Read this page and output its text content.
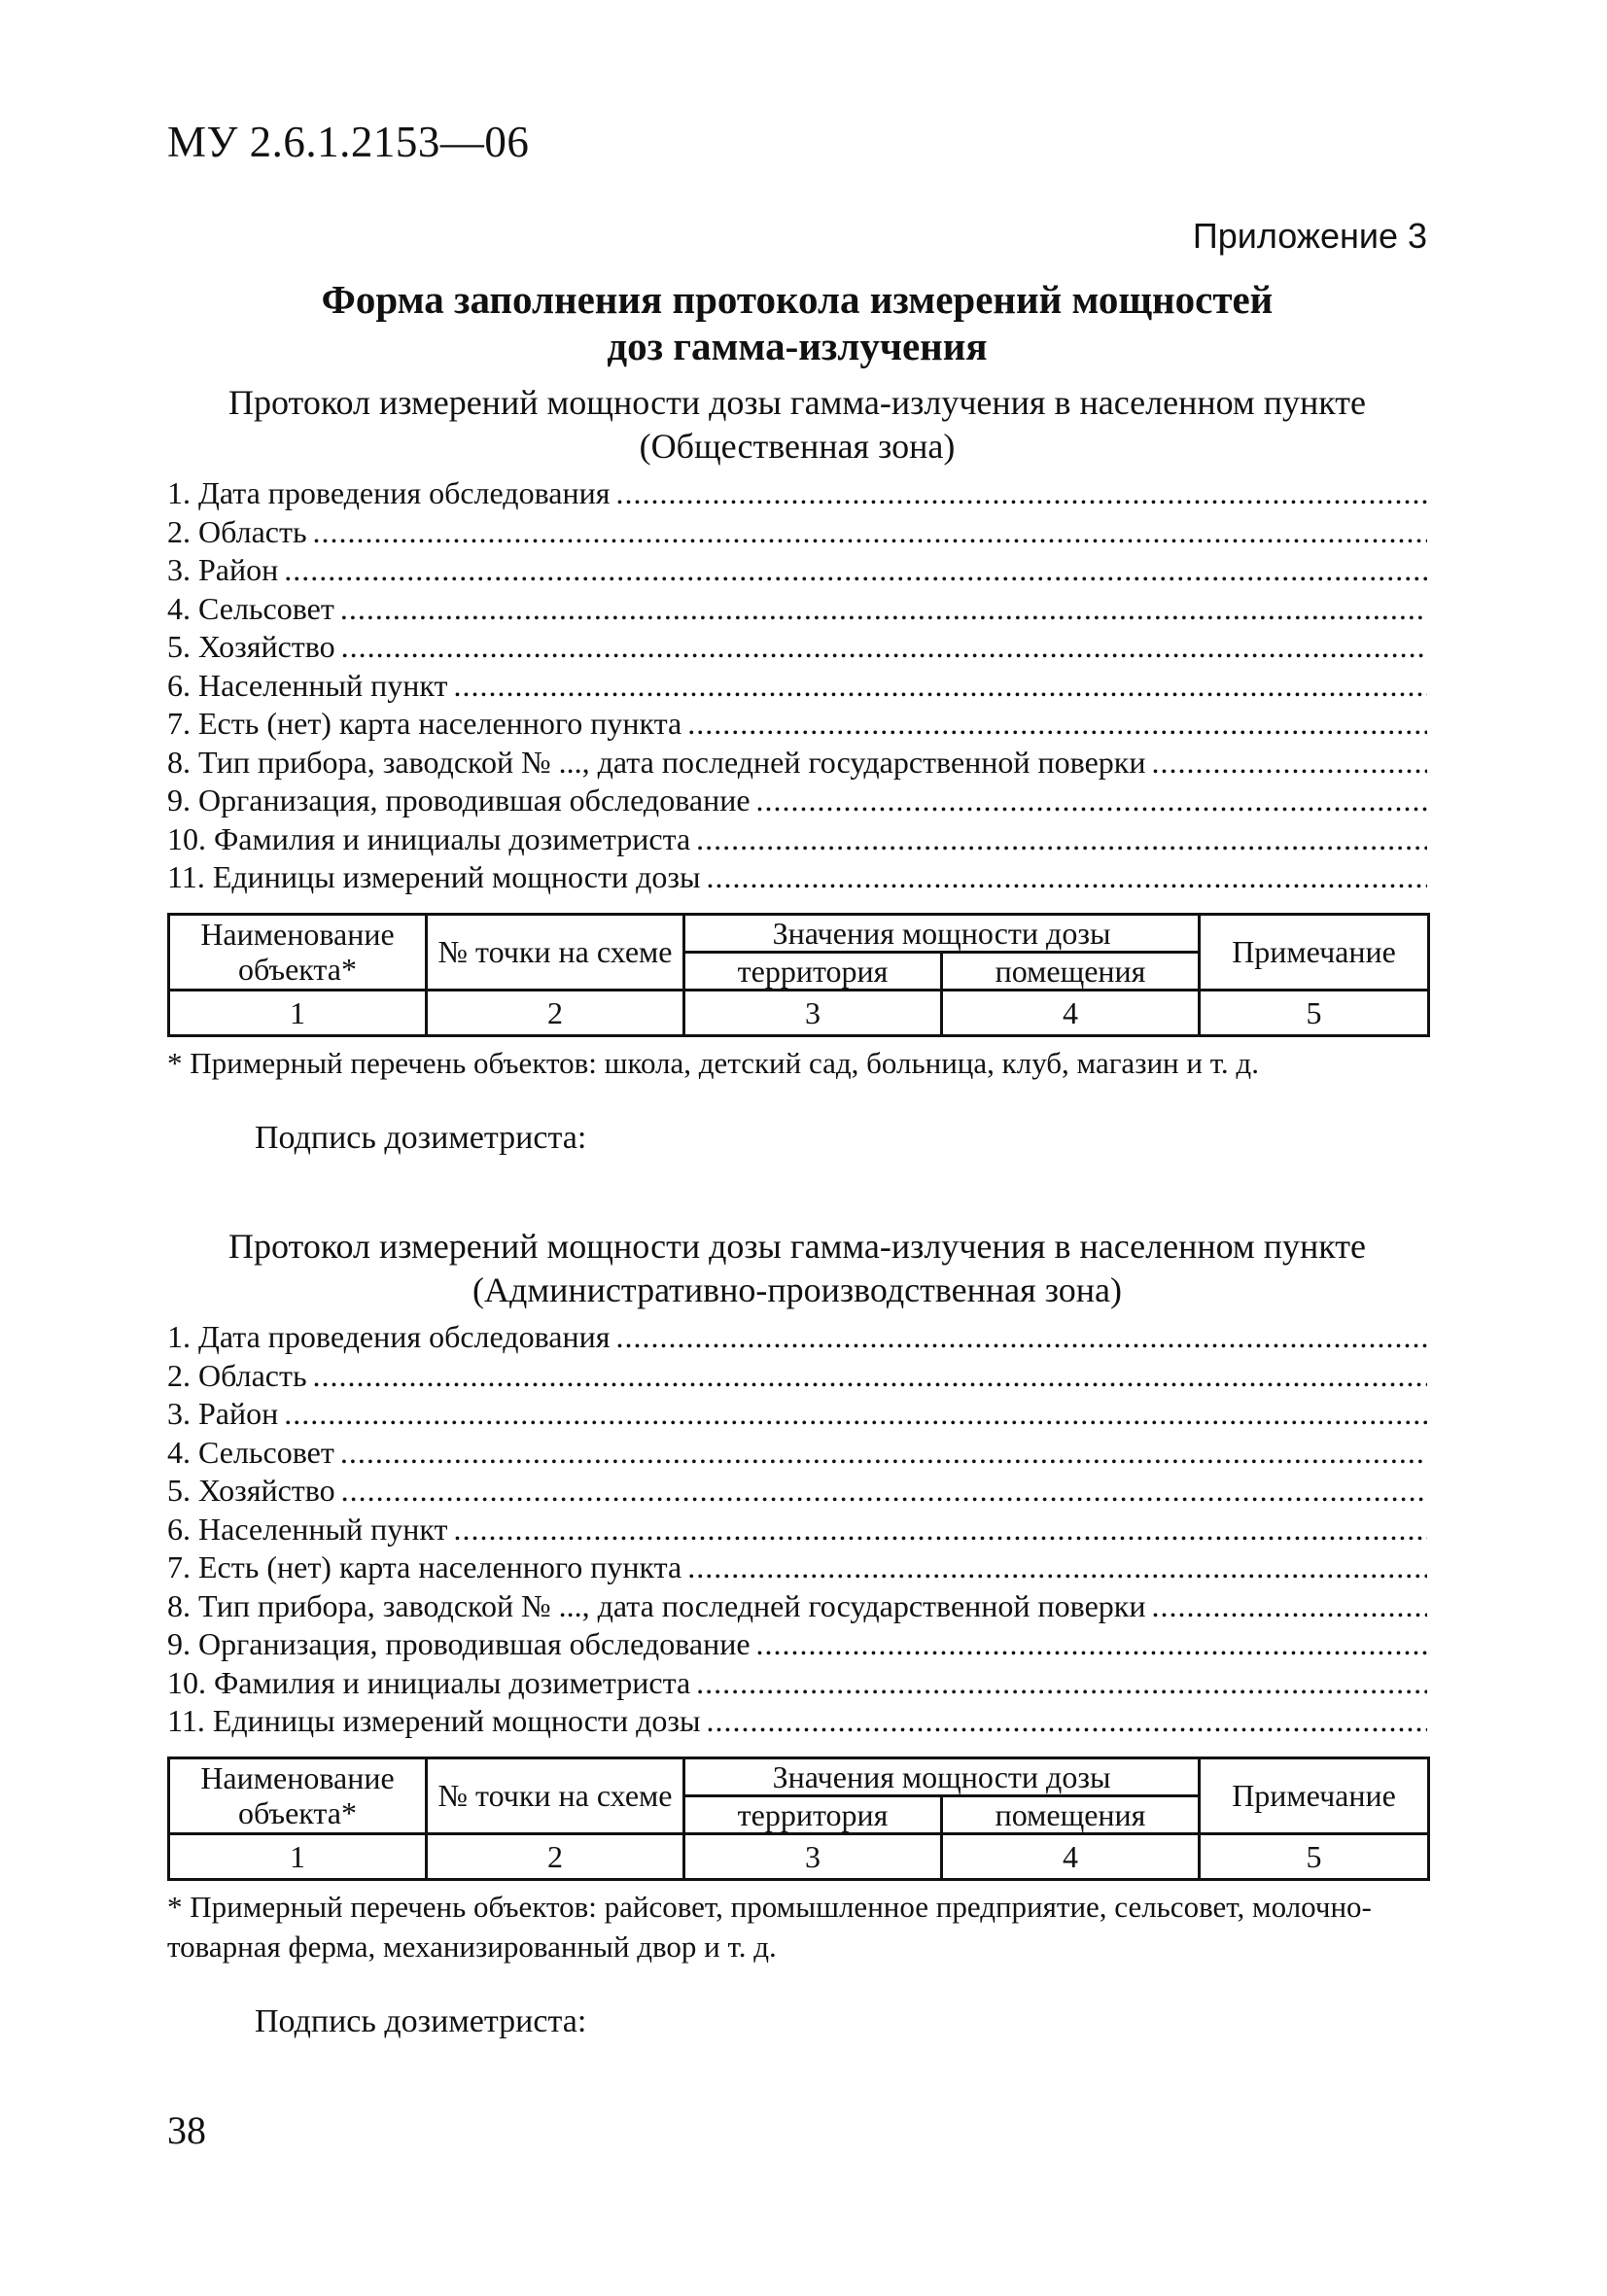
МУ 2.6.1.2153—06
Приложение 3
Форма заполнения протокола измерений мощностей
доз гамма-излучения
Протокол измерений мощности дозы гамма-излучения в населенном пункте
(Общественная зона)
1. Дата проведения обследования
.....
2. Область
.....
3. Район
.....
4. Сельсовет
.....
5. Хозяйство
.....
6. Населенный пункт
.....
7. Есть (нет) карта населенного пункта
.....
8. Тип прибора, заводской № ..., дата последней государственной поверки
.....
9. Организация, проводившая обследование
.....
10. Фамилия и инициалы дозиметриста
.....
11. Единицы измерений мощности дозы
.....
Наименование объекта*	№ точки на схеме	Значения мощности дозы		Примечание
		территория	помещения	
1	2	3	4	5
* Примерный перечень объектов: школа, детский сад, больница, клуб, магазин и т. д.
Подпись дозиметриста:
Протокол измерений мощности дозы гамма-излучения в населенном пункте
(Административно-производственная зона)
1. Дата проведения обследования
.....
2. Область
.....
3. Район
.....
4. Сельсовет
.....
5. Хозяйство
.....
6. Населенный пункт
.....
7. Есть (нет) карта населенного пункта
.....
8. Тип прибора, заводской № ..., дата последней государственной поверки
.....
9. Организация, проводившая обследование
.....
10. Фамилия и инициалы дозиметриста
.....
11. Единицы измерений мощности дозы
.....
Наименование объекта*	№ точки на схеме	Значения мощности дозы		Примечание
		территория	помещения	
1	2	3	4	5
* Примерный перечень объектов: райсовет, промышленное предприятие, сельсовет, молочно-товарная ферма, механизированный двор и т. д.
Подпись дозиметриста:
38
